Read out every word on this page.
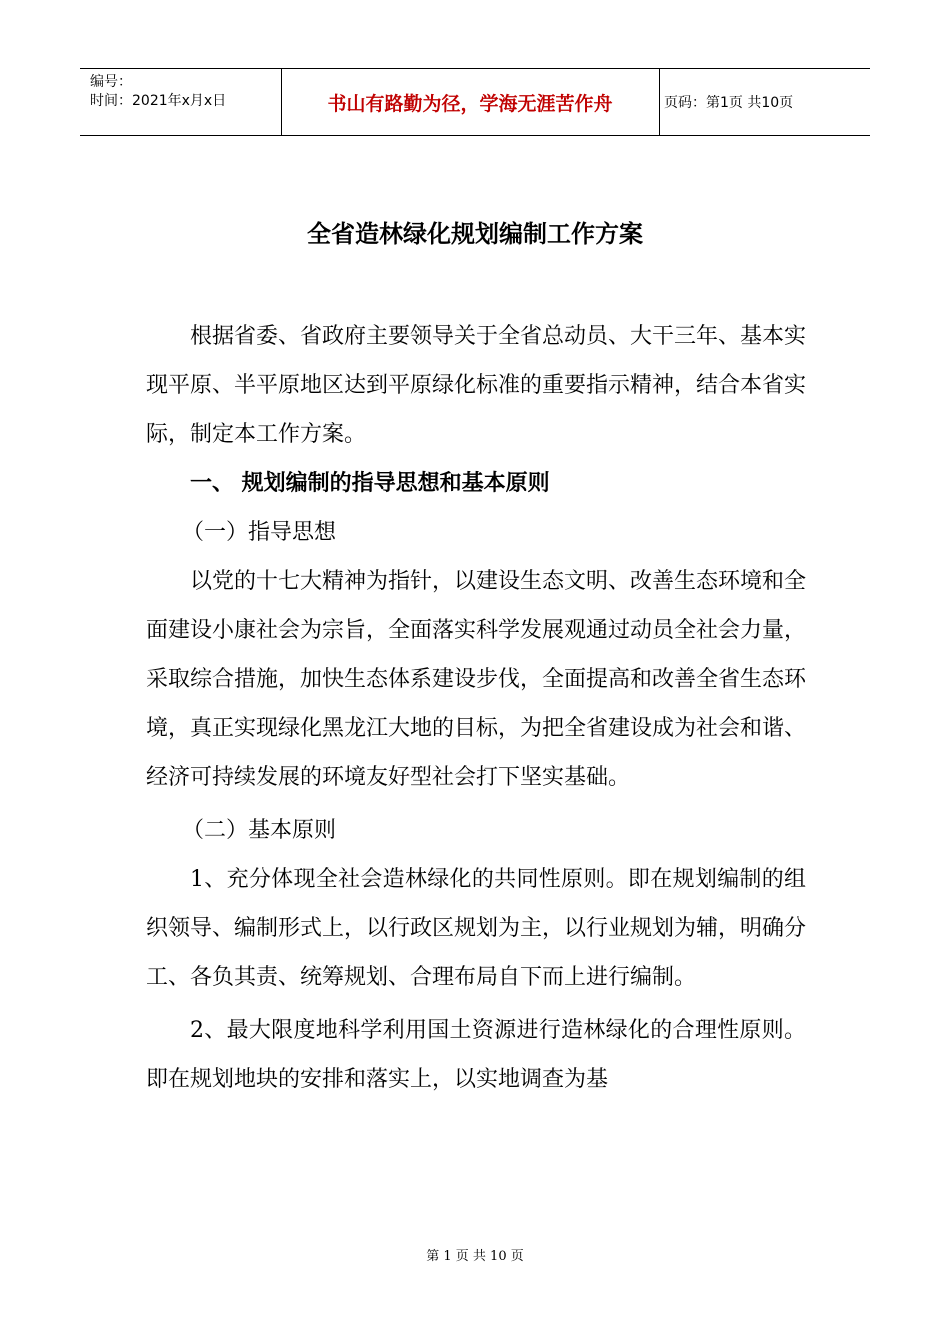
编号：
时间：2021年x月x日	书山有路勤为径，学海无涯苦作舟	页码：第1页 共10页
全省造林绿化规划编制工作方案

根据省委、省政府主要领导关于全省总动员、大干三年、基本实现平原、半平原地区达到平原绿化标准的重要指示精神，结合本省实际，制定本工作方案。

一、 规划编制的指导思想和基本原则

（一）指导思想

以党的十七大精神为指针，以建设生态文明、改善生态环境和全面建设小康社会为宗旨，全面落实科学发展观通过动员全社会力量，采取综合措施，加快生态体系建设步伐，全面提高和改善全省生态环境，真正实现绿化黑龙江大地的目标，为把全省建设成为社会和谐、经济可持续发展的环境友好型社会打下坚实基础。

（二）基本原则

1、充分体现全社会造林绿化的共同性原则。即在规划编制的组织领导、编制形式上，以行政区规划为主，以行业规划为辅，明确分工、各负其责、统筹规划、合理布局自下而上进行编制。

2、最大限度地科学利用国土资源进行造林绿化的合理性原则。即在规划地块的安排和落实上，以实地调查为基

第 1 页 共 10 页
